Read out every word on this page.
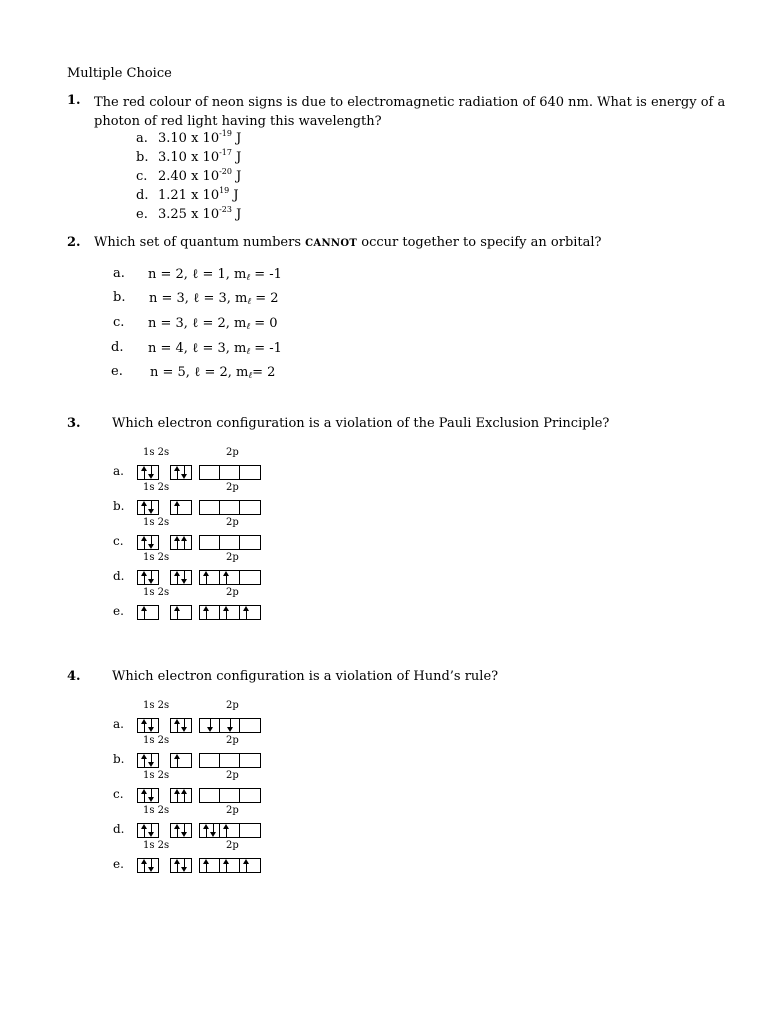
Multiple Choice
1. The red colour of neon signs is due to electromagnetic radiation of 640 nm. What is energy of a photon of red light having this wavelength?
a. 3.10 x $10^{-19}$ J
b. 3.10 x $10^{-17}$ J
c. 2.40 x $10^{-20}$ J
d. 1.21 x $10^{19}$ J
e. 3.25 x $10^{-23}$ J
2. Which set of quantum numbers CANNOT occur together to specify an orbital?
a. n = 2, ℓ = 1, $m_\ell = -1$
b. n = 3, ℓ = 3, $m_\ell = 2$
c. n = 3, ℓ = 2, $m_\ell = 0$
d. n = 4, ℓ = 3, $m_\ell = -1$
e. n = 5, ℓ = 2, $m_\ell= 2$
3. Which electron configuration is a violation of the Pauli Exclusion Principle?
1s 2s	2p
a.
1s 2s	2p
b.
1s 2s	2p
c.
1s 2s	2p
d.
1s 2s	2p
e.
4. Which electron configuration is a violation of Hund’s rule?
1s 2s	2p
a.
1s 2s	2p
b.
1s 2s	2p
c.
1s 2s	2p
d.
1s 2s	2p
e.
